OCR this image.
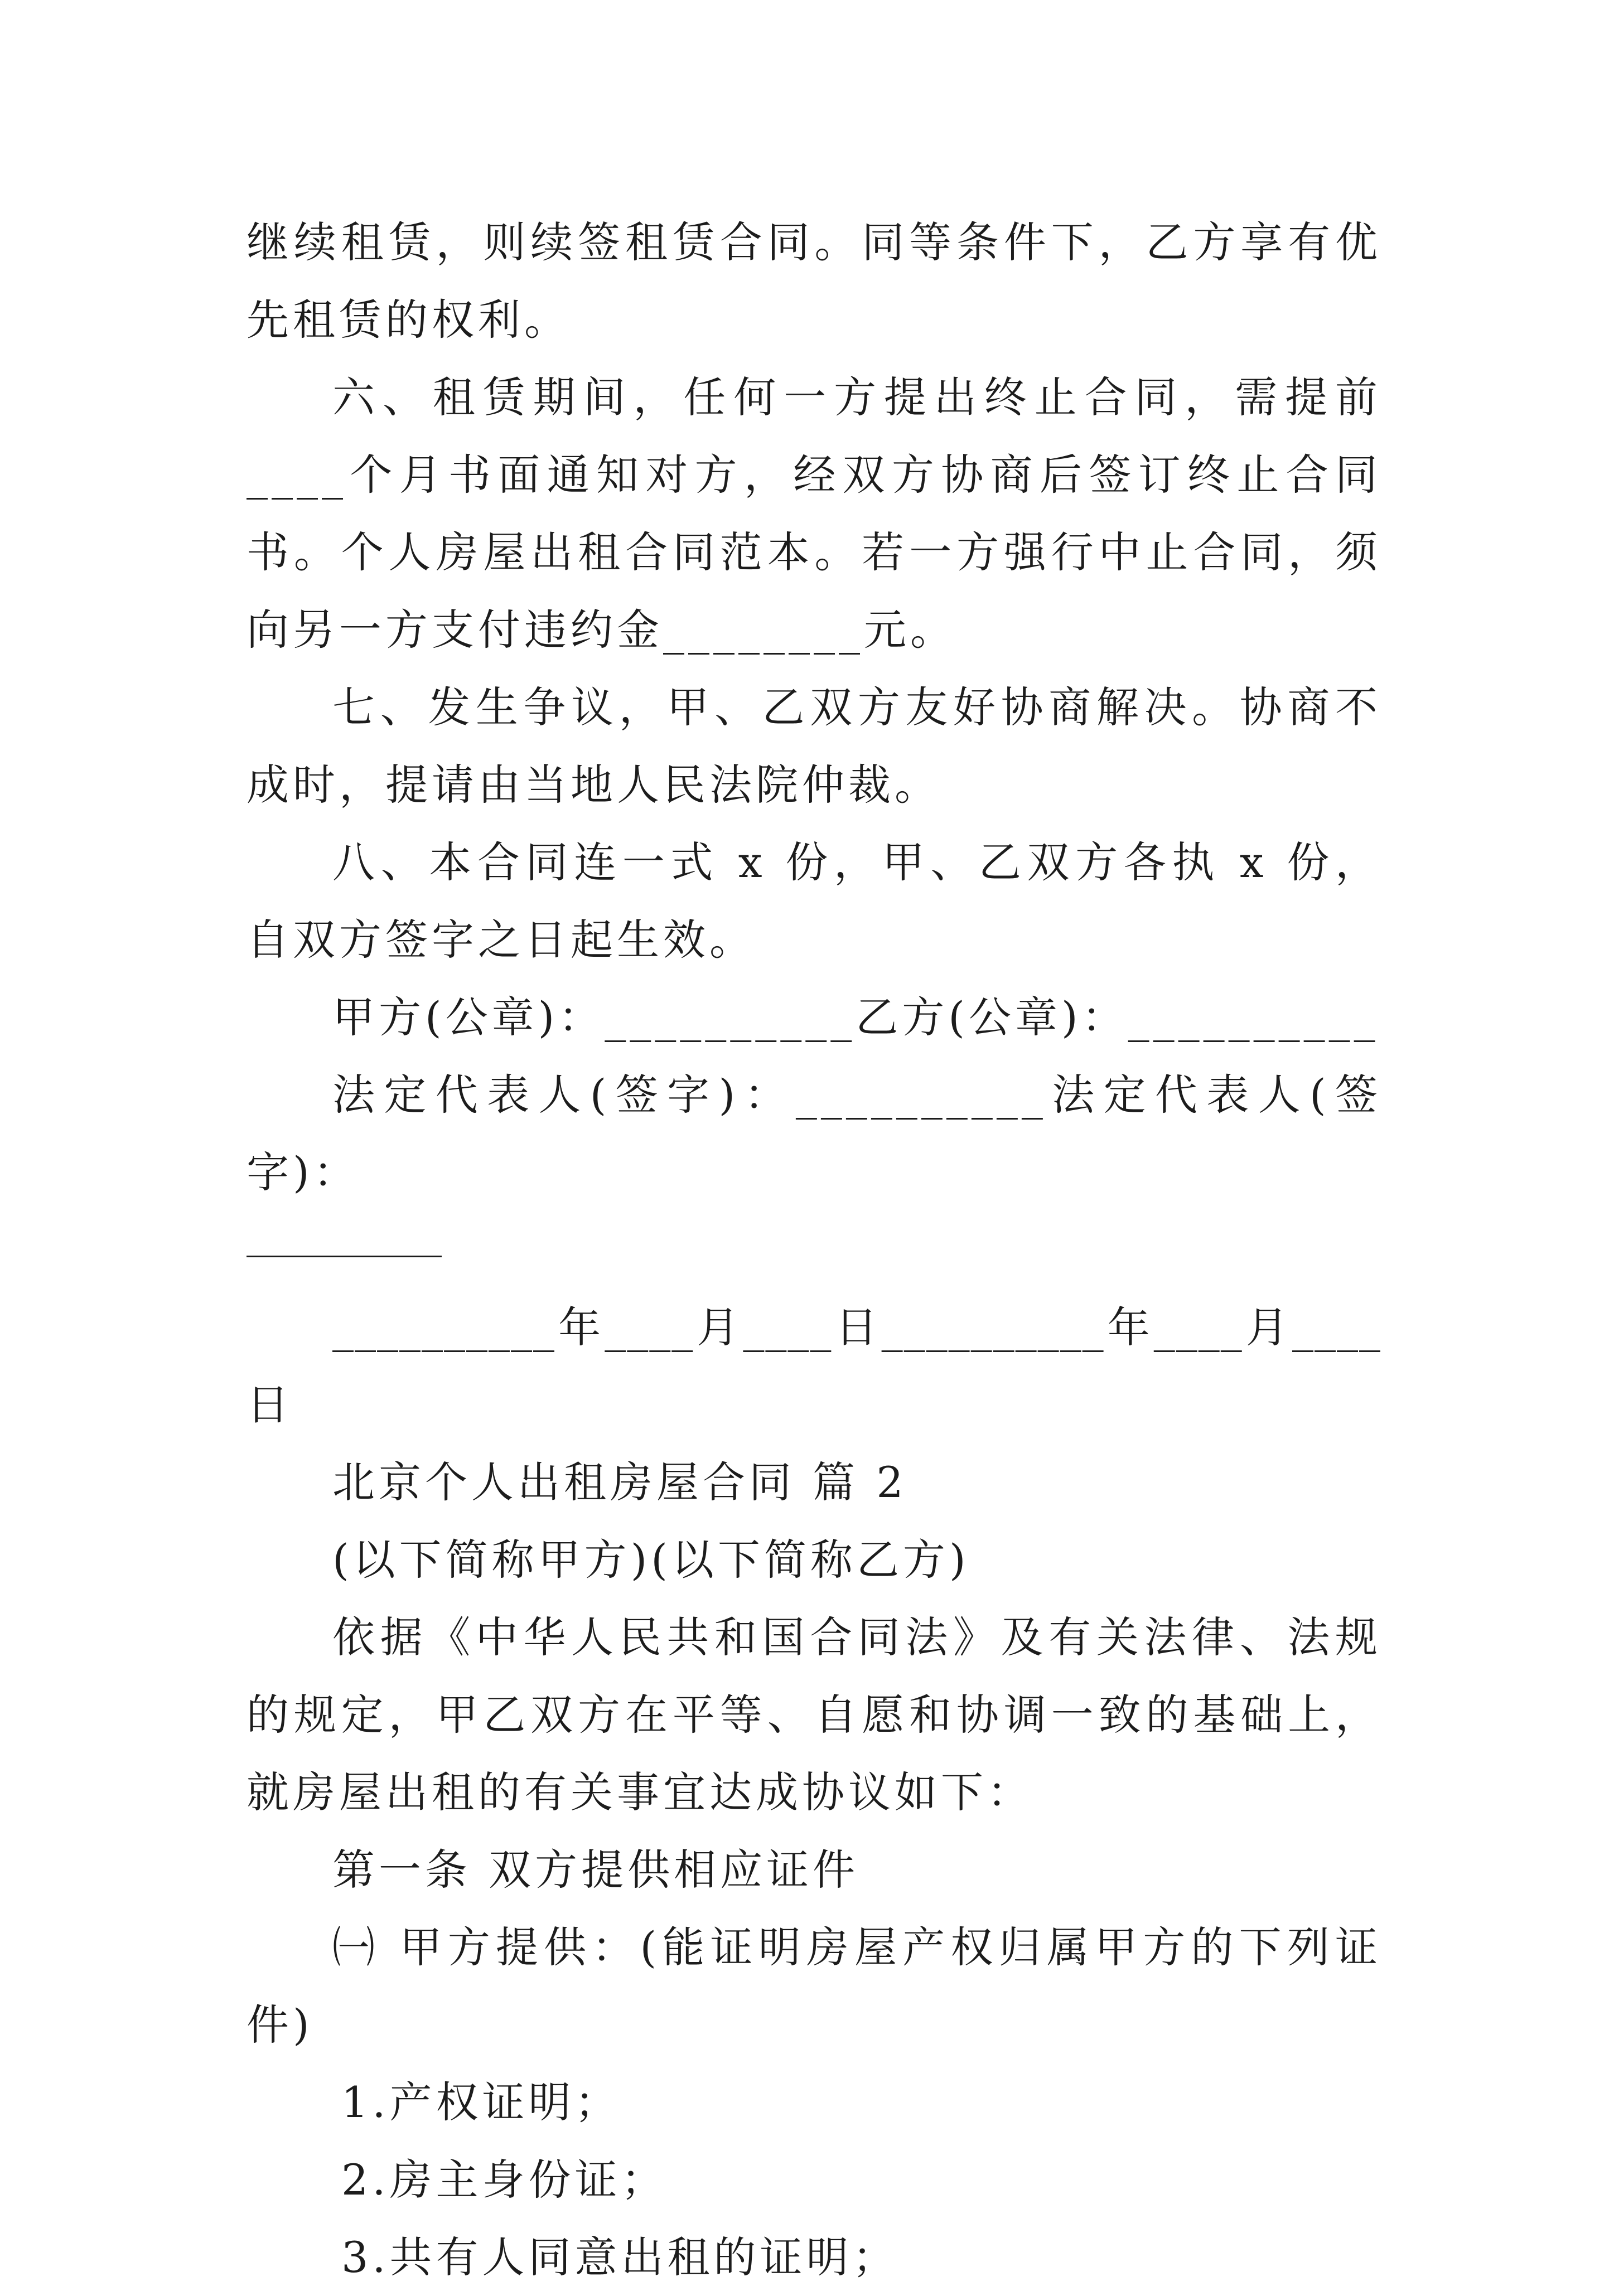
继续租赁，则续签租赁合同。同等条件下，乙方享有优先租赁的权利。

六、租赁期间，任何一方提出终止合同，需提前____个月书面通知对方，经双方协商后签订终止合同书。个人房屋出租合同范本。若一方强行中止合同，须向另一方支付违约金________元。

七、发生争议，甲、乙双方友好协商解决。协商不成时，提请由当地人民法院仲裁。

八、本合同连一式 x 份，甲、乙双方各执 x 份，自双方签字之日起生效。

甲方(公章)：__________乙方(公章)：__________

法定代表人(签字)：__________法定代表人(签字)：

__________年____月____日__________年____月____日

北京个人出租房屋合同 篇 2

(以下简称甲方)(以下简称乙方)

依据《中华人民共和国合同法》及有关法律、法规的规定，甲乙双方在平等、自愿和协调一致的基础上，就房屋出租的有关事宜达成协议如下：

第一条 双方提供相应证件

㈠ 甲方提供：(能证明房屋产权归属甲方的下列证件)

1.产权证明；

2.房主身份证；

3.共有人同意出租的证明；
